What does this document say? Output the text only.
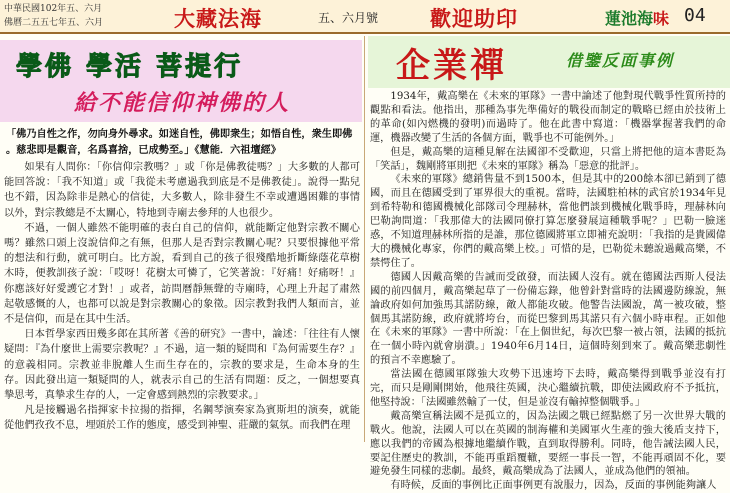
中華民國102年五、六月
佛曆二五五七年五、六月	大藏法海	五、六月號 歡迎助印	蓮池海味 04
學佛 學活 菩提行
給不能信仰神佛的人
「佛乃自性之作，勿向身外尋求。如迷自性，佛即衆生；如悟自性，衆生即佛
。慈悲即是觀音，名爲喜捨，已成勢至。」《慧能．六祖壇經》

如果有人問你：「你信仰宗教嗎？」或「你是佛教徒嗎？」大多數的人都可能回答說：「我不知道」或「我從未考慮過我到底是不是佛教徒」。說得一點兒也不錯，因為除非是熱心的信徒，大多數人，除非發生不幸或遭遇困難的事情以外，對宗教總是不太關心，特地到寺廟去參拜的人也很少。

不過，一個人雖然不能明確的表白自己的信仰，就能斷定他對宗教不關心嗎？雖然口頭上沒說信仰之有無，但那人是否對宗教關心呢？只要恨據他平常的想法和行動，就可明白。比方說，看到自己的孩子很殘酷地折斷綠蔭花草樹木時，便教訓孩子說：「哎呀！花樹太可憐了，它笑著說：『好痛！好痛呀！』你應該好好愛護它才對！」或者，訪問曆靜無聲的寺廟時，心理上升起了肅然起敬感慨的人，也都可以說是對宗教關心的象徵。因宗教對我們人類而言，並不是信仰，而是在其中生活。

日本哲學家西田幾多郎在其所著《善的研究》一書中，論述：「往往有人懷疑問：『為什麼世上需要宗教呢？』不過，這一類的疑問和『為何需要生存？』的意義相同。宗教並非脫離人生而生存在的，宗教的要求是，生命本身的生存。因此發出這一類疑問的人，就表示自己的生活有問題：反之，一個想要真摯思考，真摯求生存的人，一定會感到熱烈的宗教要求。」

凡是接觸過名指揮家卡拉揚的指揮，名鋼琴演奏家為賓斯坦的演奏，就能從他們孜孜不息，埋頭於工作的態度，感受到神聖、莊嚴的氣氛。而我們在理

企業禪	借鑒反面事例

1934年，戴高樂在《未來的軍隊》一書中論述了他對現代戰爭性質所持的觀點和看法。他指出，那種為事先準備好的戰役而制定的戰略已經由於技術上的革命(如內燃機的發明)而過時了。他在此書中寫道：「機器掌握著我們的命運，機器改變了生活的各個方面，戰爭也不可能例外。」

但是，戴高樂的這種見解在法國卻不受歡迎，只當上將把他的這本書貶為「笑話」，魏剛將軍則把《未來的軍隊》稱為「惡意的批評」。

《未來的軍隊》總銷售量不到1500本，但是其中的200餘本卻已銷到了德國，而且在德國受到了軍界很大的重視。當時，法國駐柏林的武官於1934年見到希特勒和德國機械化部隊司令理赫林，當他們談到機械化戰爭時，理赫林向巴勒詢問道：「我那偉大的法國同僚打算怎麼發展這種戰爭呢？」巴勒一臉迷惑，不知道理赫林所指的是誰，那位德國將軍立即補充說明：「我指的是貴國偉大的機械化專家，你們的戴高樂上校。」可惜的是，巴勒從未聽說過戴高樂，不禁愕住了。

德國人因戴高樂的告誡而受啟發，而法國人沒有。就在德國法西斯人侵法國的前四個月，戴高樂起草了一份備忘錄，他曾針對當時的法國邊防線說，無論政府如何加強馬其諾防線，敵人都能攻破。他警告法國說，萬一被攻破，整個馬其諾防線，政府就將垮台，而從巴黎到馬其諾只有六個小時車程。正如他在《未來的軍隊》一書中所說：「在上個世紀，每次巴黎一被占領，法國的抵抗在一個小時內就會崩潰。」1940年6月14日，這個時刻到來了。戴高樂悲劇性的預言不幸應驗了。

當法國在德國軍隊強大攻勢下迅速垮下去時，戴高樂得到戰爭並沒有打完，而只是剛剛開始，他飛往英國，決心繼續抗戰，即使法國政府不予抵抗，他堅持說：「法國雖然輸了一仗，但是並沒有輸掉整個戰爭。」

戴高樂宣稱法國不是孤立的，因為法國之戰已經點燃了另一次世界大戰的戰火。他說，法國人可以在英國的制海權和美國軍火生產的強大後盾支持下，應以我們的帝國為根據地繼續作戰，直到取得勝利。同時，他告誡法國人民，要記住歷史的教訓，不能再重蹈覆轍，要經一事長一智，不能再頑固不化，要避免發生同樣的悲劇。最終，戴高樂成為了法國人，並成為他們的領袖。

有時候，反面的事例比正面事例更有說服力，因為，反面的事例能夠讓人
